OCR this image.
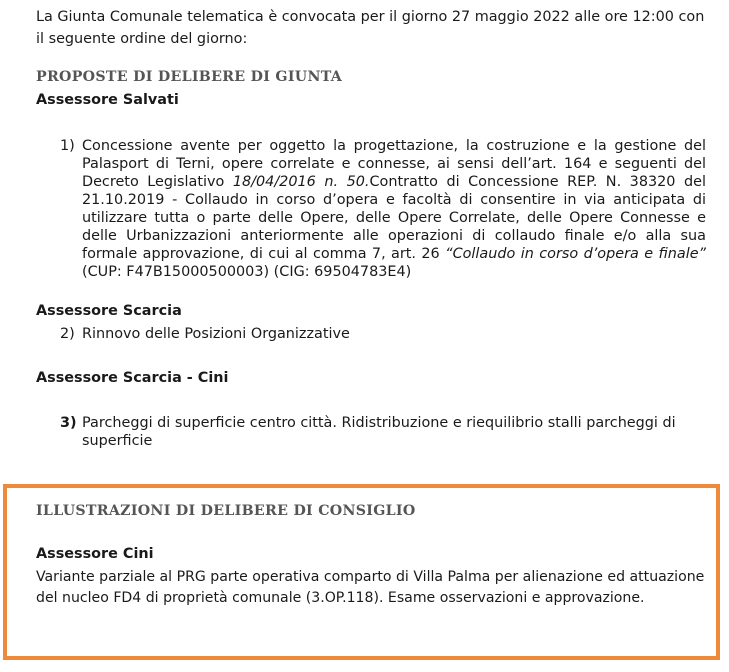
La Giunta Comunale telematica è convocata per il giorno 27 maggio 2022 alle ore 12:00 con il seguente ordine del giorno:
PROPOSTE DI DELIBERE DI GIUNTA
Assessore Salvati
1) Concessione avente per oggetto la progettazione, la costruzione e la gestione del Palasport di Terni, opere correlate e connesse, ai sensi dell’art. 164 e seguenti del Decreto Legislativo 18/04/2016 n. 50.Contratto di Concessione REP. N. 38320 del 21.10.2019 - Collaudo in corso d’opera e facoltà di consentire in via anticipata di utilizzare tutta o parte delle Opere, delle Opere Correlate, delle Opere Connesse e delle Urbanizzazioni anteriormente alle operazioni di collaudo finale e/o alla sua formale approvazione, di cui al comma 7, art. 26 “Collaudo in corso d’opera e finale” (CUP: F47B15000500003) (CIG: 69504783E4)
Assessore Scarcia
2) Rinnovo delle Posizioni Organizzative
Assessore Scarcia - Cini
3) Parcheggi di superficie centro città. Ridistribuzione e riequilibrio stalli parcheggi di superficie
ILLUSTRAZIONI DI DELIBERE DI CONSIGLIO
Assessore Cini
Variante parziale al PRG parte operativa comparto di Villa Palma per alienazione ed attuazione del nucleo FD4 di proprietà comunale (3.OP.118). Esame osservazioni e approvazione.
